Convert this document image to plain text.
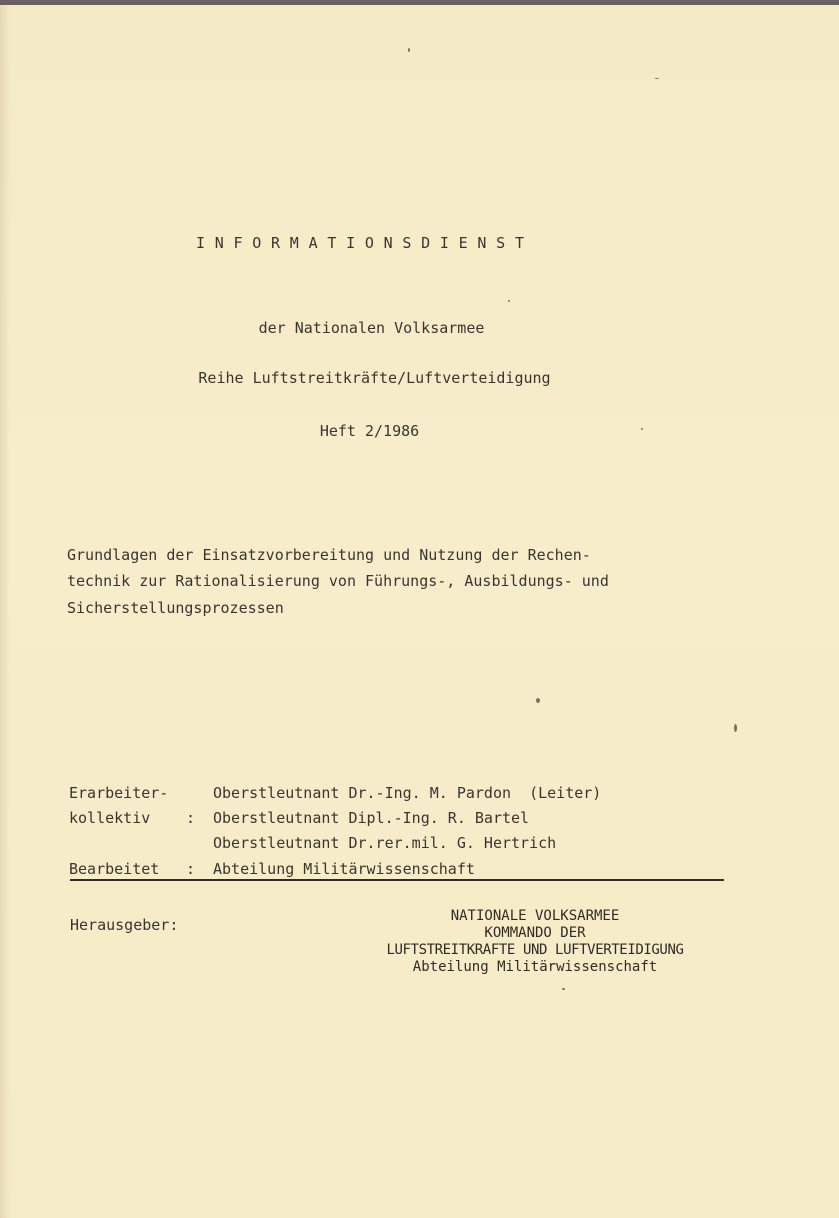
I N F O R M A T I O N S D I E N S T
der Nationalen Volksarmee
Reihe Luftstreitkräfte/Luftverteidigung
Heft 2/1986
Grundlagen der Einsatzvorbereitung und Nutzung der Rechen-
technik zur Rationalisierung von Führungs-, Ausbildungs- und
Sicherstellungsprozessen
Erarbeiter-	Oberstleutnant Dr.-Ing. M. Pardon  (Leiter)
kollektiv : Oberstleutnant Dipl.-Ing. R. Bartel
Oberstleutnant Dr.rer.mil. G. Hertrich
Bearbeitet : Abteilung Militärwissenschaft
Herausgeber:	NATIONALE VOLKSARMEE
KOMMANDO DER
LUFTSTREITKRAFTE UND LUFTVERTEIDIGUNG
Abteilung Militärwissenschaft
